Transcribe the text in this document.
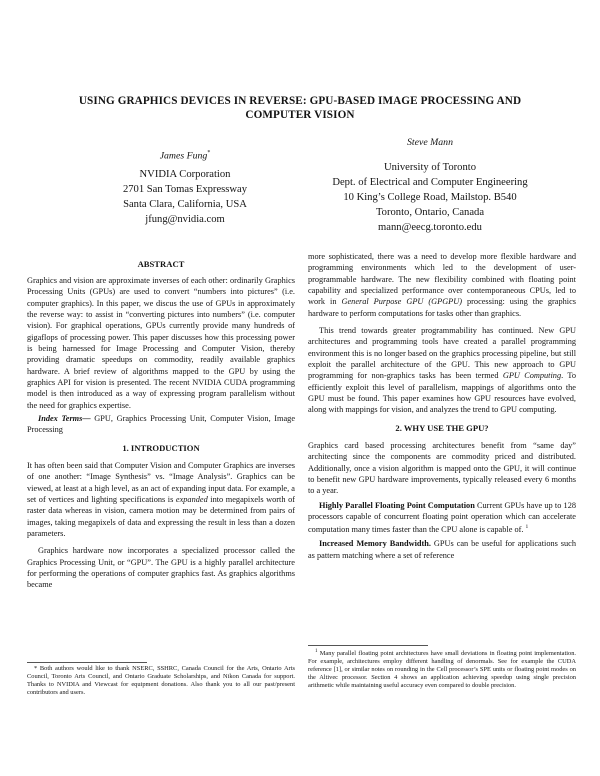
USING GRAPHICS DEVICES IN REVERSE: GPU-BASED IMAGE PROCESSING AND COMPUTER VISION
James Fung*
NVIDIA Corporation
2701 San Tomas Expressway
Santa Clara, California, USA
jfung@nvidia.com
Steve Mann
University of Toronto
Dept. of Electrical and Computer Engineering
10 King’s College Road, Mailstop. B540
Toronto, Ontario, Canada
mann@eecg.toronto.edu
ABSTRACT

Graphics and vision are approximate inverses of each other: ordinarily Graphics Processing Units (GPUs) are used to convert “numbers into pictures” (i.e. computer graphics). In this paper, we discus the use of GPUs in approximately the reverse way: to assist in “converting pictures into numbers” (i.e. computer vision). For graphical operations, GPUs currently provide many hundreds of gigaflops of processing power. This paper discusses how this processing power is being harnessed for Image Processing and Computer Vision, thereby providing dramatic speedups on commodity, readily available graphics hardware. A brief review of algorithms mapped to the GPU by using the graphics API for vision is presented. The recent NVIDIA CUDA programming model is then introduced as a way of expressing program parallelism without the need for graphics expertise.

Index Terms— GPU, Graphics Processing Unit, Computer Vision, Image Processing

1. INTRODUCTION

It has often been said that Computer Vision and Computer Graphics are inverses of one another: “Image Synthesis” vs. “Image Analysis”. Graphics can be viewed, at least at a high level, as an act of expanding input data. For example, a set of vertices and lighting specifications is expanded into megapixels worth of raster data whereas in vision, camera motion may be determined from pairs of images, taking megapixels of data and expressing the result in less than a dozen parameters.

Graphics hardware now incorporates a specialized processor called the Graphics Processing Unit, or “GPU”. The GPU is a highly parallel architecture for performing the operations of computer graphics fast. As graphics algorithms became

* Both authors would like to thank NSERC, SSHRC, Canada Council for the Arts, Ontario Arts Council, Toronto Arts Council, and Ontario Graduate Scholarships, and Nikon Canada for support. Thanks to NVIDIA and Viewcast for equipment donations. Also thank you to all our past/present contributors and users.

more sophisticated, there was a need to develop more flexible hardware and programming environments which led to the development of user-programmable hardware. The new flexibility combined with floating point capability and specialized performance over contemporaneous CPUs, led to work in General Purpose GPU (GPGPU) processing: using the graphics hardware to perform computations for tasks other than graphics.

This trend towards greater programmability has continued. New GPU architectures and programming tools have created a parallel programming environment this is no longer based on the graphics processing pipeline, but still exploit the parallel architecture of the GPU. This new approach to GPU programming for non-graphics tasks has been termed GPU Computing. To efficiently exploit this level of parallelism, mappings of algorithms onto the GPU must be found. This paper examines how GPU resources have evolved, along with mappings for vision, and analyzes the trend to GPU computing.

2. WHY USE THE GPU?

Graphics card based processing architectures benefit from “same day” architecting since the components are commodity priced and distributed. Additionally, once a vision algorithm is mapped onto the GPU, it will continue to benefit new GPU hardware improvements, typically released every 6 months to a year.

Highly Parallel Floating Point Computation Current GPUs have up to 128 processors capable of concurrent floating point operation which can accelerate computation many times faster than the CPU alone is capable of. $^1$

Increased Memory Bandwidth. GPUs can be useful for applications such as pattern matching where a set of reference

$^1$ Many parallel floating point architectures have small deviations in floating point implementation. For example, architectures employ different handling of denormals. See for example the CUDA reference [1], or similar notes on rounding in the Cell processor’s SPE units or floating point modes on the Altivec processor. Section 4 shows an application achieving speedup using single precision arithmetic while maintaining useful accuracy even compared to double precision.
